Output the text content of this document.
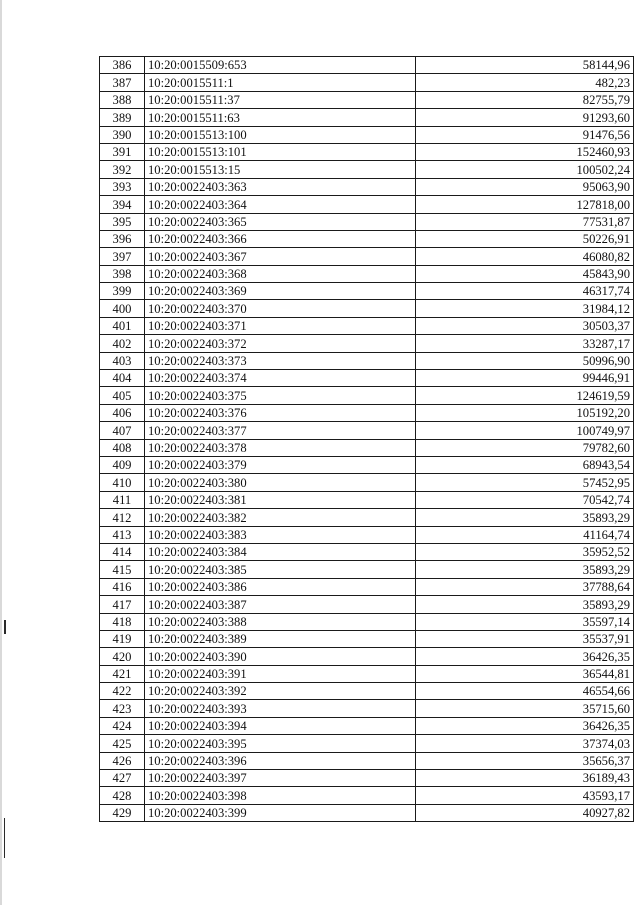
386	10:20:0015509:653	58144,96
387	10:20:0015511:1	482,23
388	10:20:0015511:37	82755,79
389	10:20:0015511:63	91293,60
390	10:20:0015513:100	91476,56
391	10:20:0015513:101	152460,93
392	10:20:0015513:15	100502,24
393	10:20:0022403:363	95063,90
394	10:20:0022403:364	127818,00
395	10:20:0022403:365	77531,87
396	10:20:0022403:366	50226,91
397	10:20:0022403:367	46080,82
398	10:20:0022403:368	45843,90
399	10:20:0022403:369	46317,74
400	10:20:0022403:370	31984,12
401	10:20:0022403:371	30503,37
402	10:20:0022403:372	33287,17
403	10:20:0022403:373	50996,90
404	10:20:0022403:374	99446,91
405	10:20:0022403:375	124619,59
406	10:20:0022403:376	105192,20
407	10:20:0022403:377	100749,97
408	10:20:0022403:378	79782,60
409	10:20:0022403:379	68943,54
410	10:20:0022403:380	57452,95
411	10:20:0022403:381	70542,74
412	10:20:0022403:382	35893,29
413	10:20:0022403:383	41164,74
414	10:20:0022403:384	35952,52
415	10:20:0022403:385	35893,29
416	10:20:0022403:386	37788,64
417	10:20:0022403:387	35893,29
418	10:20:0022403:388	35597,14
419	10:20:0022403:389	35537,91
420	10:20:0022403:390	36426,35
421	10:20:0022403:391	36544,81
422	10:20:0022403:392	46554,66
423	10:20:0022403:393	35715,60
424	10:20:0022403:394	36426,35
425	10:20:0022403:395	37374,03
426	10:20:0022403:396	35656,37
427	10:20:0022403:397	36189,43
428	10:20:0022403:398	43593,17
429	10:20:0022403:399	40927,82
